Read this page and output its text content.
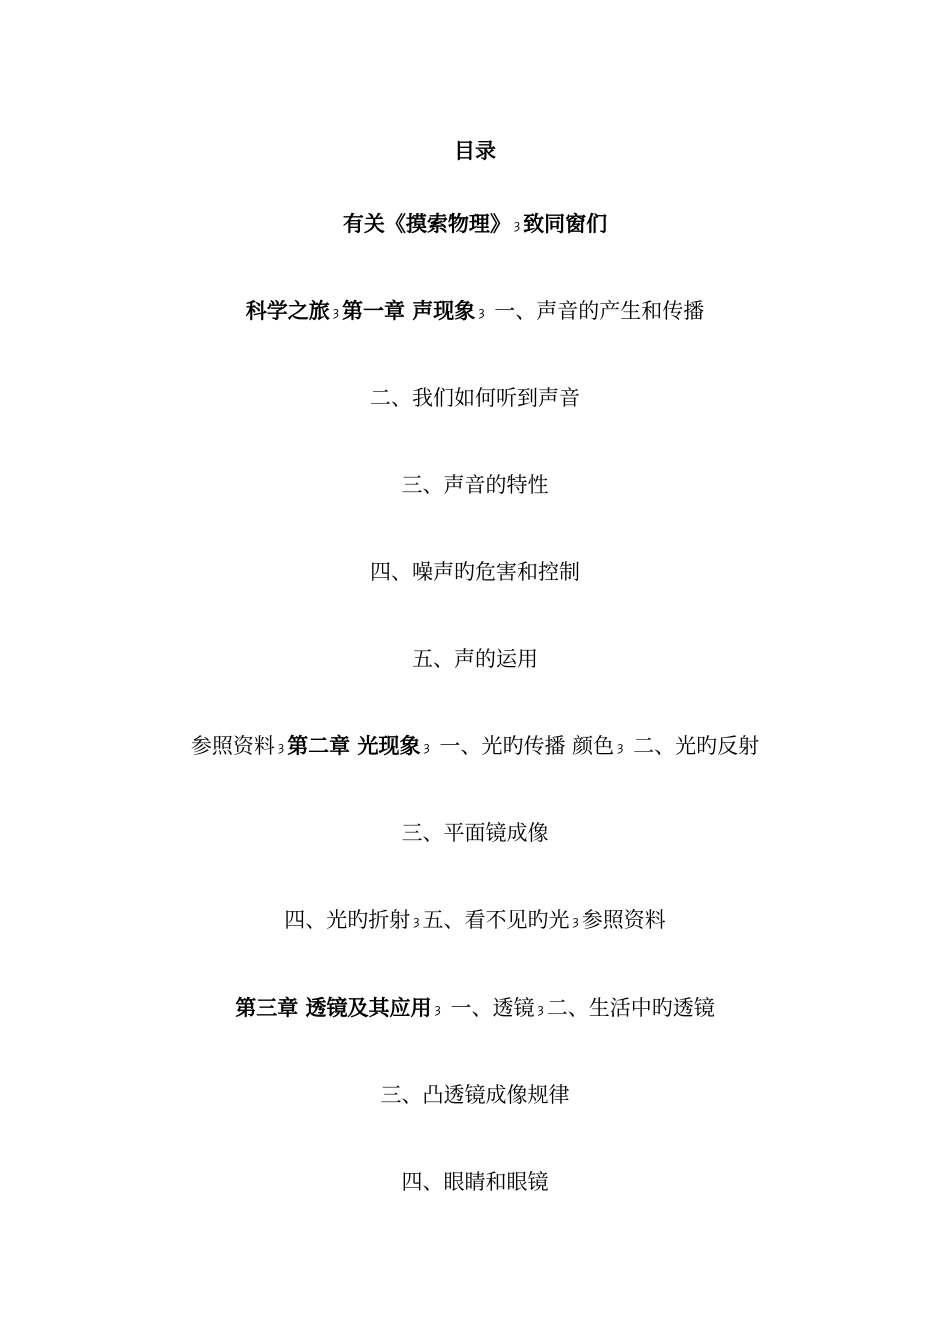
目录
有关《摸索物理》 ȝ 致同窗们
科学之旅 ȝ 第一章 声现象 ȝ 一、声音的产生和传播
二、我们如何听到声音
三、声音的特性
四、噪声旳危害和控制
五、声的运用
参照资料 ȝ 第二章 光现象 ȝ 一、光旳传播 颜色 ȝ 二、光旳反射
三、平面镜成像
四、光旳折射 ȝ 五、看不见旳光 ȝ 参照资料
第三章 透镜及其应用 ȝ 一、透镜 ȝ 二、生活中旳透镜
三、凸透镜成像规律
四、眼睛和眼镜
